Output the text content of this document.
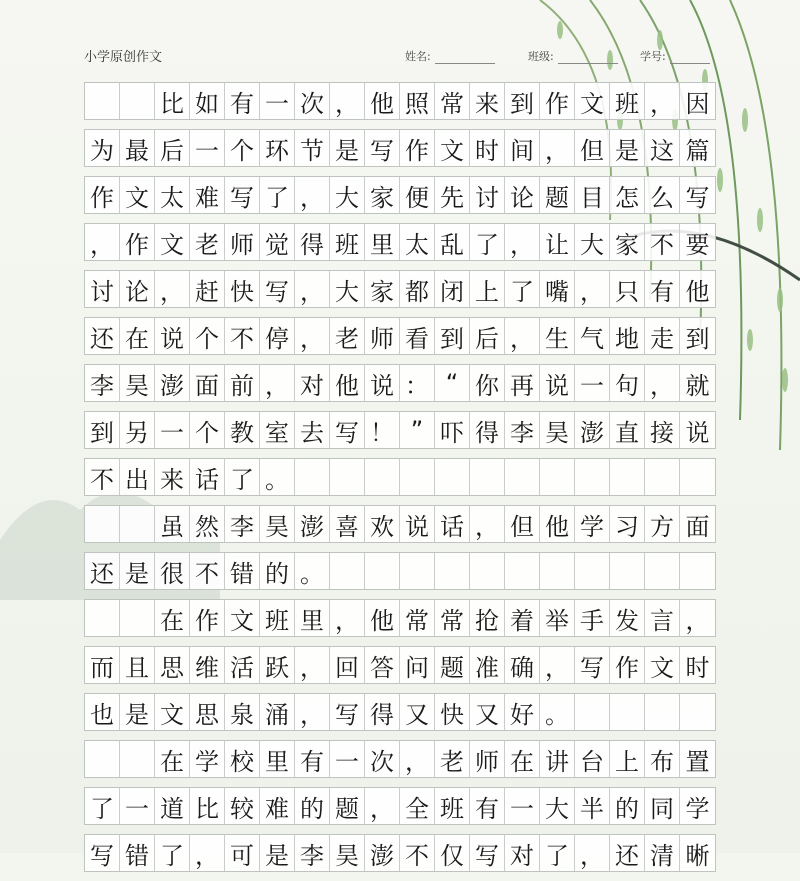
小学原创作文	姓名:	班级:	学号:
比 如 有 一 次 ， 他 照 常 来 到 作 文 班 ， 因
为 最 后 一 个 环 节 是 写 作 文 时 间 ， 但 是 这 篇
作 文 太 难 写 了 ， 大 家 便 先 讨 论 题 目 怎 么 写
， 作 文 老 师 觉 得 班 里 太 乱 了 ， 让 大 家 不 要
讨 论 ， 赶 快 写 ， 大 家 都 闭 上 了 嘴 ， 只 有 他
还 在 说 个 不 停 ， 老 师 看 到 后 ， 生 气 地 走 到
李 昊 澎 面 前 ， 对 他 说 ： “ 你 再 说 一 句 ， 就
到 另 一 个 教 室 去 写 ！ ” 吓 得 李 昊 澎 直 接 说
不 出 来 话 了 。
虽 然 李 昊 澎 喜 欢 说 话 ， 但 他 学 习 方 面
还 是 很 不 错 的 。
在 作 文 班 里 ， 他 常 常 抢 着 举 手 发 言 ，
而 且 思 维 活 跃 ， 回 答 问 题 准 确 ， 写 作 文 时
也 是 文 思 泉 涌 ， 写 得 又 快 又 好 。
在 学 校 里 有 一 次 ， 老 师 在 讲 台 上 布 置
了 一 道 比 较 难 的 题 ， 全 班 有 一 大 半 的 同 学
写 错 了 ， 可 是 李 昊 澎 不 仅 写 对 了 ， 还 清 晰
